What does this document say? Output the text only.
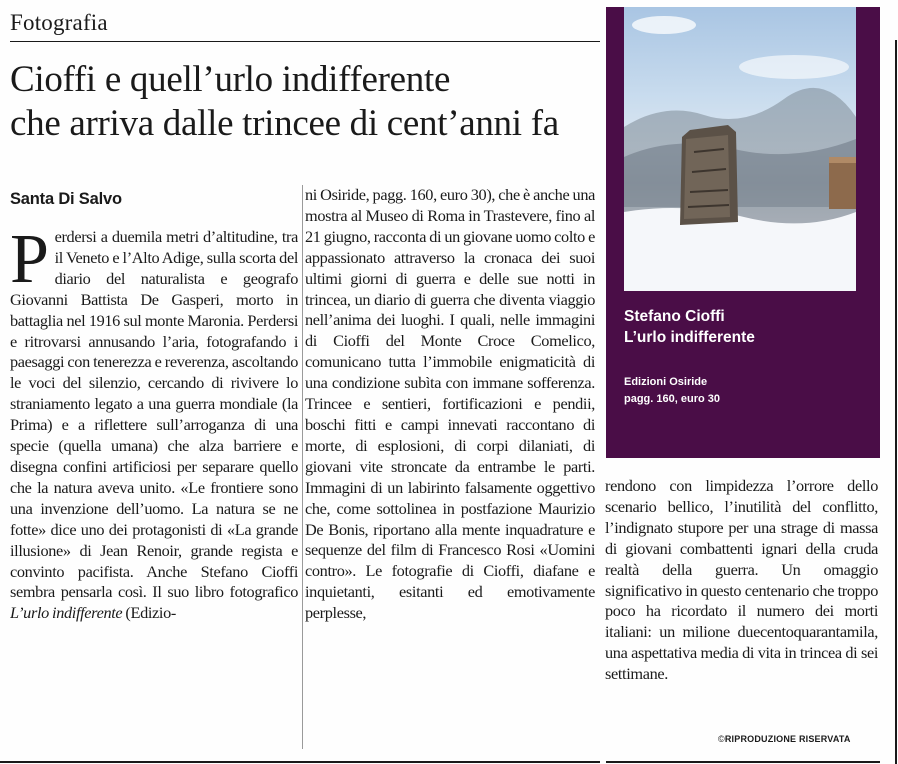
Fotografia
Cioffi e quell’urlo indifferente
che arriva dalle trincee di cent’anni fa
Santa Di Salvo
Perdersi a duemila metri d’altitudine, tra il Veneto e l’Alto Adige, sulla scorta del diario del naturalista e geografo Giovanni Battista De Gasperi, morto in battaglia nel 1916 sul monte Maronia. Perdersi e ritrovarsi annusando l’aria, fotografando i paesaggi con tenerezza e reverenza, ascoltando le voci del silenzio, cercando di rivivere lo straniamento legato a una guerra mondiale (la Prima) e a riflettere sull’arroganza di una specie (quella umana) che alza barriere e disegna confini artificiosi per separare quello che la natura aveva unito. «Le frontiere sono una invenzione dell’uomo. La natura se ne fotte» dice uno dei protagonisti di «La grande illusione» di Jean Renoir, grande regista e convinto pacifista. Anche Stefano Cioffi sembra pensarla così. Il suo libro fotografico L’urlo indifferente (Edizio-
ni Osiride, pagg. 160, euro 30), che è anche una mostra al Museo di Roma in Trastevere, fino al 21 giugno, racconta di un giovane uomo colto e appassionato attraverso la cronaca dei suoi ultimi giorni di guerra e delle sue notti in trincea, un diario di guerra che diventa viaggio nell’anima dei luoghi. I quali, nelle immagini di Cioffi del Monte Croce Comelico, comunicano tutta l’immobile enigmaticità di una condizione subìta con immane sofferenza. Trincee e sentieri, fortificazioni e pendii, boschi fitti e campi innevati raccontano di morte, di esplosioni, di corpi dilaniati, di giovani vite stroncate da entrambe le parti. Immagini di un labirinto falsamente oggettivo che, come sottolinea in postfazione Maurizio De Bonis, riportano alla mente inquadrature e sequenze del film di Francesco Rosi «Uomini contro». Le fotografie di Cioffi, diafane e inquietanti, esitanti ed emotivamente perplesse,
Stefano Cioffi
L’urlo indifferente
Edizioni Osiride
pagg. 160, euro 30
rendono con limpidezza l’orrore dello scenario bellico, l’inutilità del conflitto, l’indignato stupore per una strage di massa di giovani combattenti ignari della cruda realtà della guerra. Un omaggio significativo in questo centenario che troppo poco ha ricordato il numero dei morti italiani: un milione duecentoquarantamila, una aspettativa media di vita in trincea di sei settimane.
©RIPRODUZIONE RISERVATA
